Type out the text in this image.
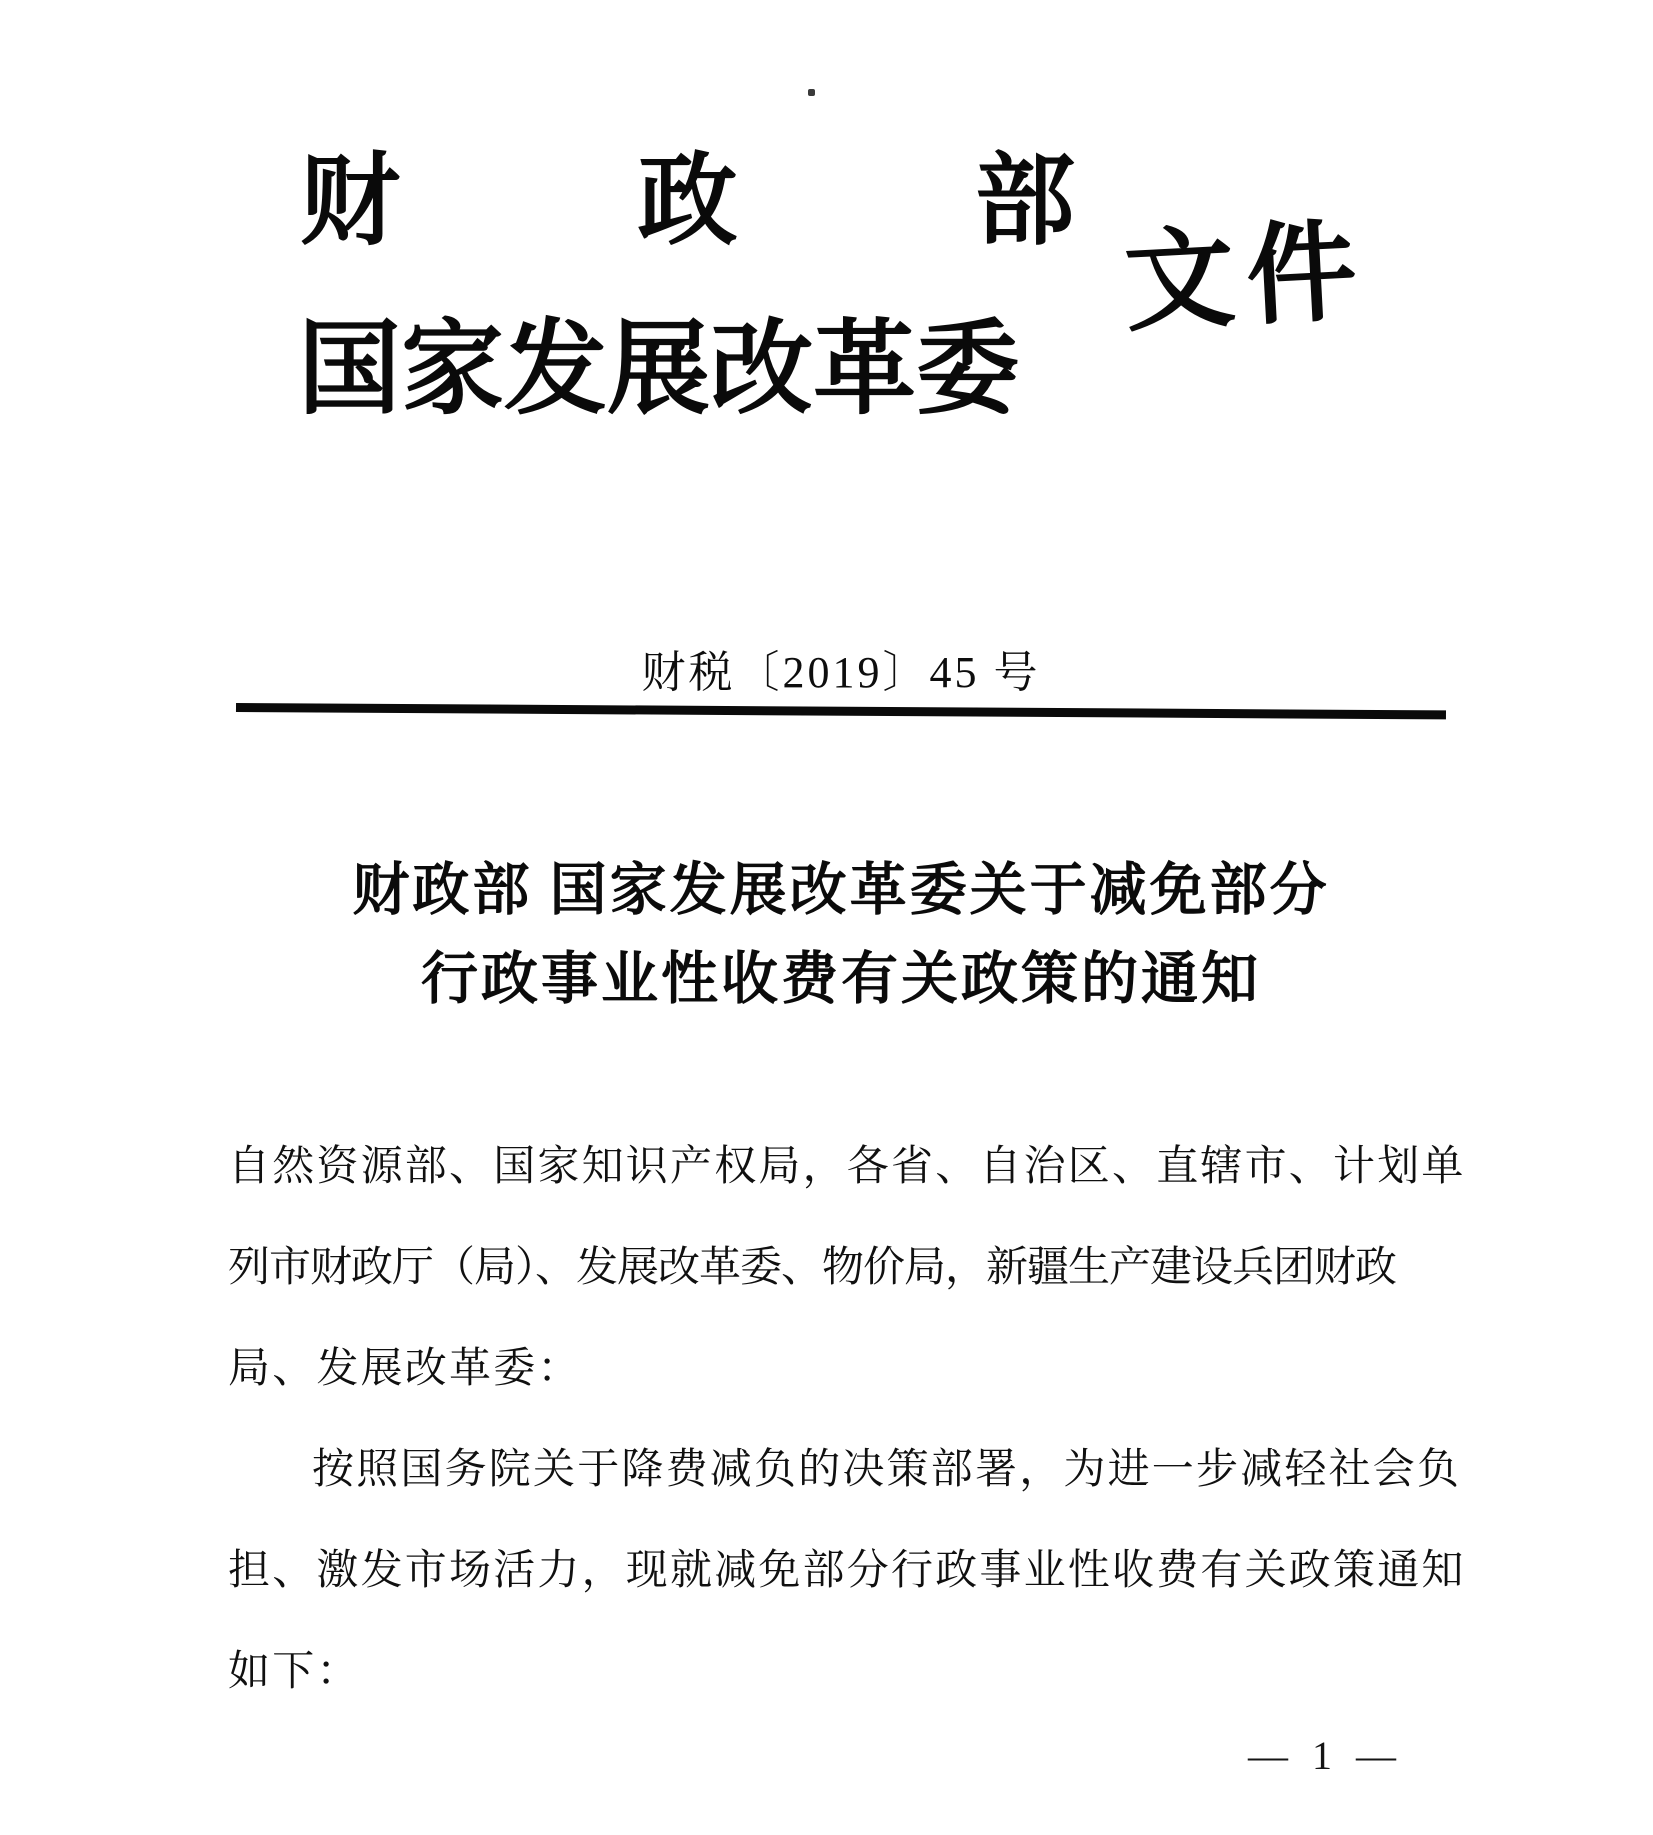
财 政 部
国家发展改革委
文件
财税〔2019〕45 号
财政部 国家发展改革委关于减免部分
行政事业性收费有关政策的通知
自然资源部、国家知识产权局，各省、自治区、直辖市、计划单
列市财政厅（局）、发展改革委、物价局，新疆生产建设兵团财政
局、发展改革委：
按照国务院关于降费减负的决策部署，为进一步减轻社会负
担、激发市场活力，现就减免部分行政事业性收费有关政策通知
如下：
— 1 —
